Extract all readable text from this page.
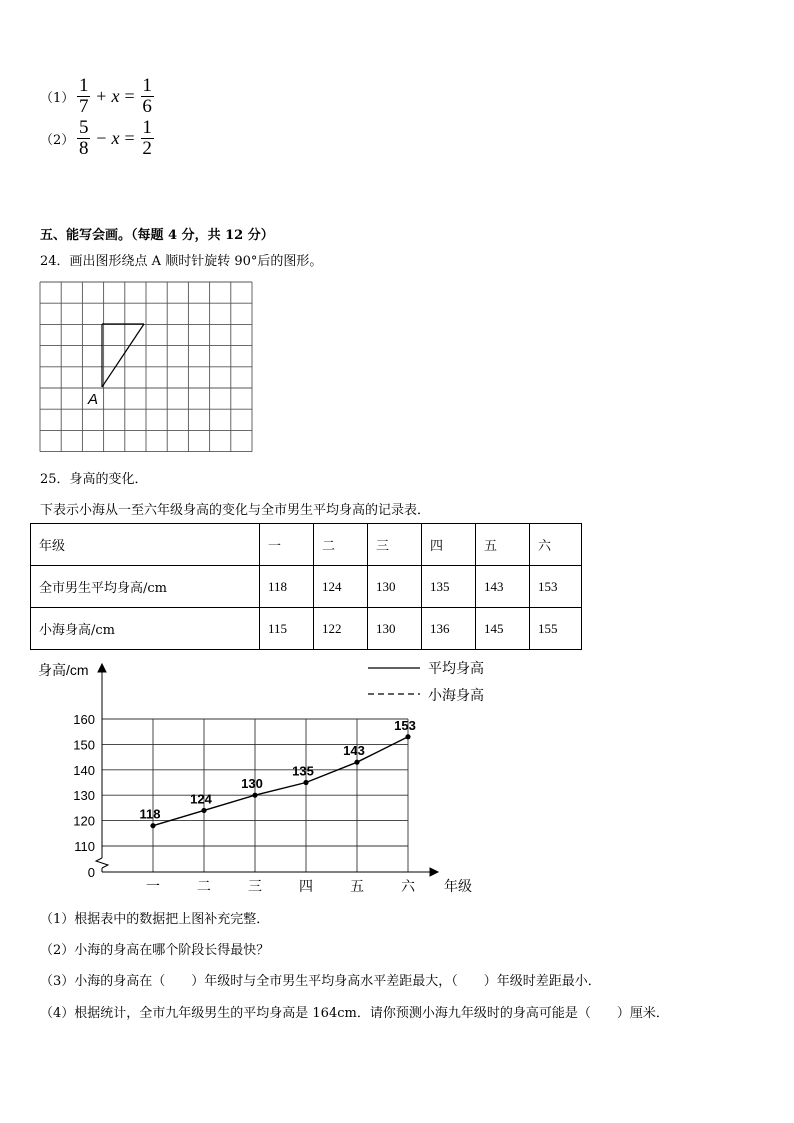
$(1) \frac{1}{7} + x = \frac{1}{6}$
$(2) \frac{5}{8} - x = \frac{1}{2}$
五、能写会画。（每题 4 分，共 12 分）
24．画出图形绕点 A 顺时针旋转 90°后的图形。
A
25．身高的变化．
下表示小海从一至六年级身高的变化与全市男生平均身高的记录表．
年级	一	二	三	四	五	六
全市男生平均身高/cm	118	124	130	135	143	153
小海身高/cm	115	122	130	136	145	155
0
110
120
130
140
150
160
一	二	三	四	五	六
118
124
130
135
143
153
身高/cm
年级
平均身高
小海身高
（1）根据表中的数据把上图补充完整．
（2）小海的身高在哪个阶段长得最快？
（3）小海的身高在（　　）年级时与全市男生平均身高水平差距最大，（　　）年级时差距最小．
（4）根据统计，全市九年级男生的平均身高是 164cm．请你预测小海九年级时的身高可能是（　　）厘米．
